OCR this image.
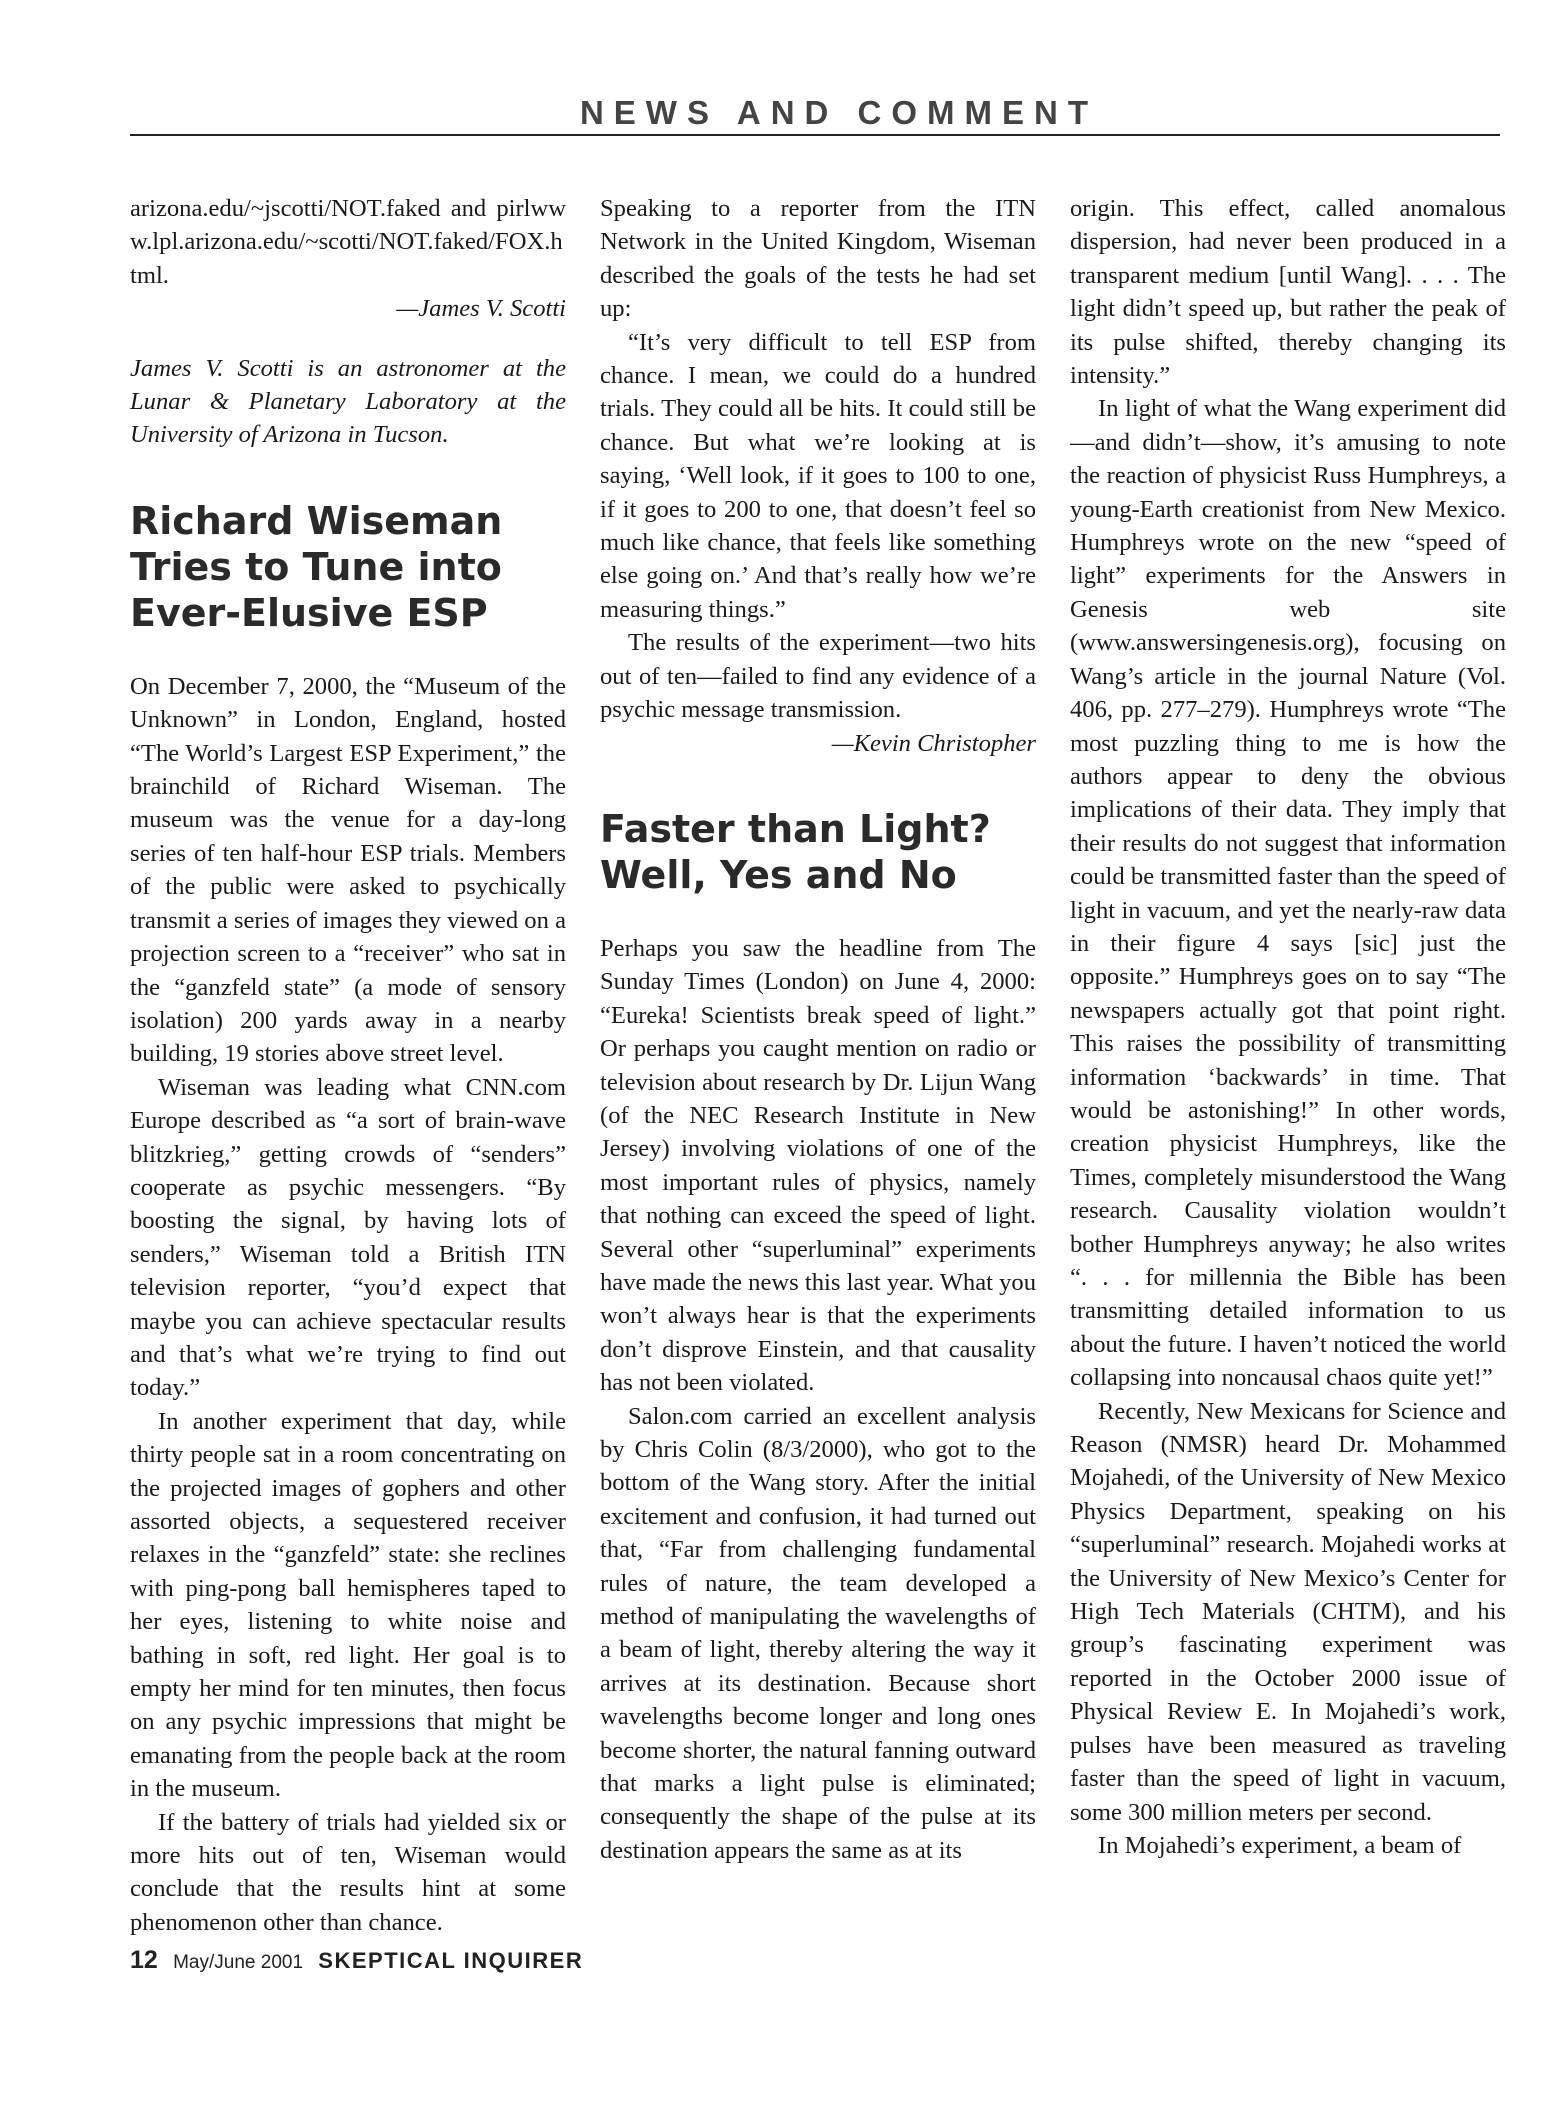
NEWS AND COMMENT

arizona.edu/~jscotti/NOT.faked and pirlwww.lpl.arizona.edu/~scotti/NOT.faked/FOX.html.

—James V. Scotti

James V. Scotti is an astronomer at the Lunar & Planetary Laboratory at the University of Arizona in Tucson.

Richard Wiseman Tries to Tune into Ever-Elusive ESP

On December 7, 2000, the “Museum of the Unknown” in London, England, hosted “The World’s Largest ESP Experiment,” the brainchild of Richard Wiseman. The museum was the venue for a day-long series of ten half-hour ESP trials. Members of the public were asked to psychically transmit a series of images they viewed on a projection screen to a “receiver” who sat in the “ganzfeld state” (a mode of sensory isolation) 200 yards away in a nearby building, 19 stories above street level.

Wiseman was leading what CNN.com Europe described as “a sort of brain-wave blitzkrieg,” getting crowds of “senders” cooperate as psychic messengers. “By boosting the signal, by having lots of senders,” Wiseman told a British ITN television reporter, “you’d expect that maybe you can achieve spectacular results and that’s what we’re trying to find out today.”

In another experiment that day, while thirty people sat in a room concentrating on the projected images of gophers and other assorted objects, a sequestered receiver relaxes in the “ganzfeld” state: she reclines with ping-pong ball hemispheres taped to her eyes, listening to white noise and bathing in soft, red light. Her goal is to empty her mind for ten minutes, then focus on any psychic impressions that might be emanating from the people back at the room in the museum.

If the battery of trials had yielded six or more hits out of ten, Wiseman would conclude that the results hint at some phenomenon other than chance.

Speaking to a reporter from the ITN Network in the United Kingdom, Wiseman described the goals of the tests he had set up:

“It’s very difficult to tell ESP from chance. I mean, we could do a hundred trials. They could all be hits. It could still be chance. But what we’re looking at is saying, ‘Well look, if it goes to 100 to one, if it goes to 200 to one, that doesn’t feel so much like chance, that feels like something else going on.’ And that’s really how we’re measuring things.”

The results of the experiment—two hits out of ten—failed to find any evidence of a psychic message transmission.

—Kevin Christopher

Faster than Light? Well, Yes and No

Perhaps you saw the headline from The Sunday Times (London) on June 4, 2000: “Eureka! Scientists break speed of light.” Or perhaps you caught mention on radio or television about research by Dr. Lijun Wang (of the NEC Research Institute in New Jersey) involving violations of one of the most important rules of physics, namely that nothing can exceed the speed of light. Several other “superluminal” experiments have made the news this last year. What you won’t always hear is that the experiments don’t disprove Einstein, and that causality has not been violated.

Salon.com carried an excellent analysis by Chris Colin (8/3/2000), who got to the bottom of the Wang story. After the initial excitement and confusion, it had turned out that, “Far from challenging fundamental rules of nature, the team developed a method of manipulating the wavelengths of a beam of light, thereby altering the way it arrives at its destination. Because short wavelengths become longer and long ones become shorter, the natural fanning outward that marks a light pulse is eliminated; consequently the shape of the pulse at its destination appears the same as at its

origin. This effect, called anomalous dispersion, had never been produced in a transparent medium [until Wang]. . . . The light didn’t speed up, but rather the peak of its pulse shifted, thereby changing its intensity.”

In light of what the Wang experiment did—and didn’t—show, it’s amusing to note the reaction of physicist Russ Humphreys, a young-Earth creationist from New Mexico. Humphreys wrote on the new “speed of light” experiments for the Answers in Genesis web site (www.answersingenesis.org), focusing on Wang’s article in the journal Nature (Vol. 406, pp. 277–279). Humphreys wrote “The most puzzling thing to me is how the authors appear to deny the obvious implications of their data. They imply that their results do not suggest that information could be transmitted faster than the speed of light in vacuum, and yet the nearly-raw data in their figure 4 says [sic] just the opposite.” Humphreys goes on to say “The newspapers actually got that point right. This raises the possibility of transmitting information ‘backwards’ in time. That would be astonishing!” In other words, creation physicist Humphreys, like the Times, completely misunderstood the Wang research. Causality violation wouldn’t bother Humphreys anyway; he also writes “. . . for millennia the Bible has been transmitting detailed information to us about the future. I haven’t noticed the world collapsing into noncausal chaos quite yet!”

Recently, New Mexicans for Science and Reason (NMSR) heard Dr. Mohammed Mojahedi, of the University of New Mexico Physics Department, speaking on his “superluminal” research. Mojahedi works at the University of New Mexico’s Center for High Tech Materials (CHTM), and his group’s fascinating experiment was reported in the October 2000 issue of Physical Review E. In Mojahedi’s work, pulses have been measured as traveling faster than the speed of light in vacuum, some 300 million meters per second.

In Mojahedi’s experiment, a beam of

12 May/June 2001 SKEPTICAL INQUIRER
